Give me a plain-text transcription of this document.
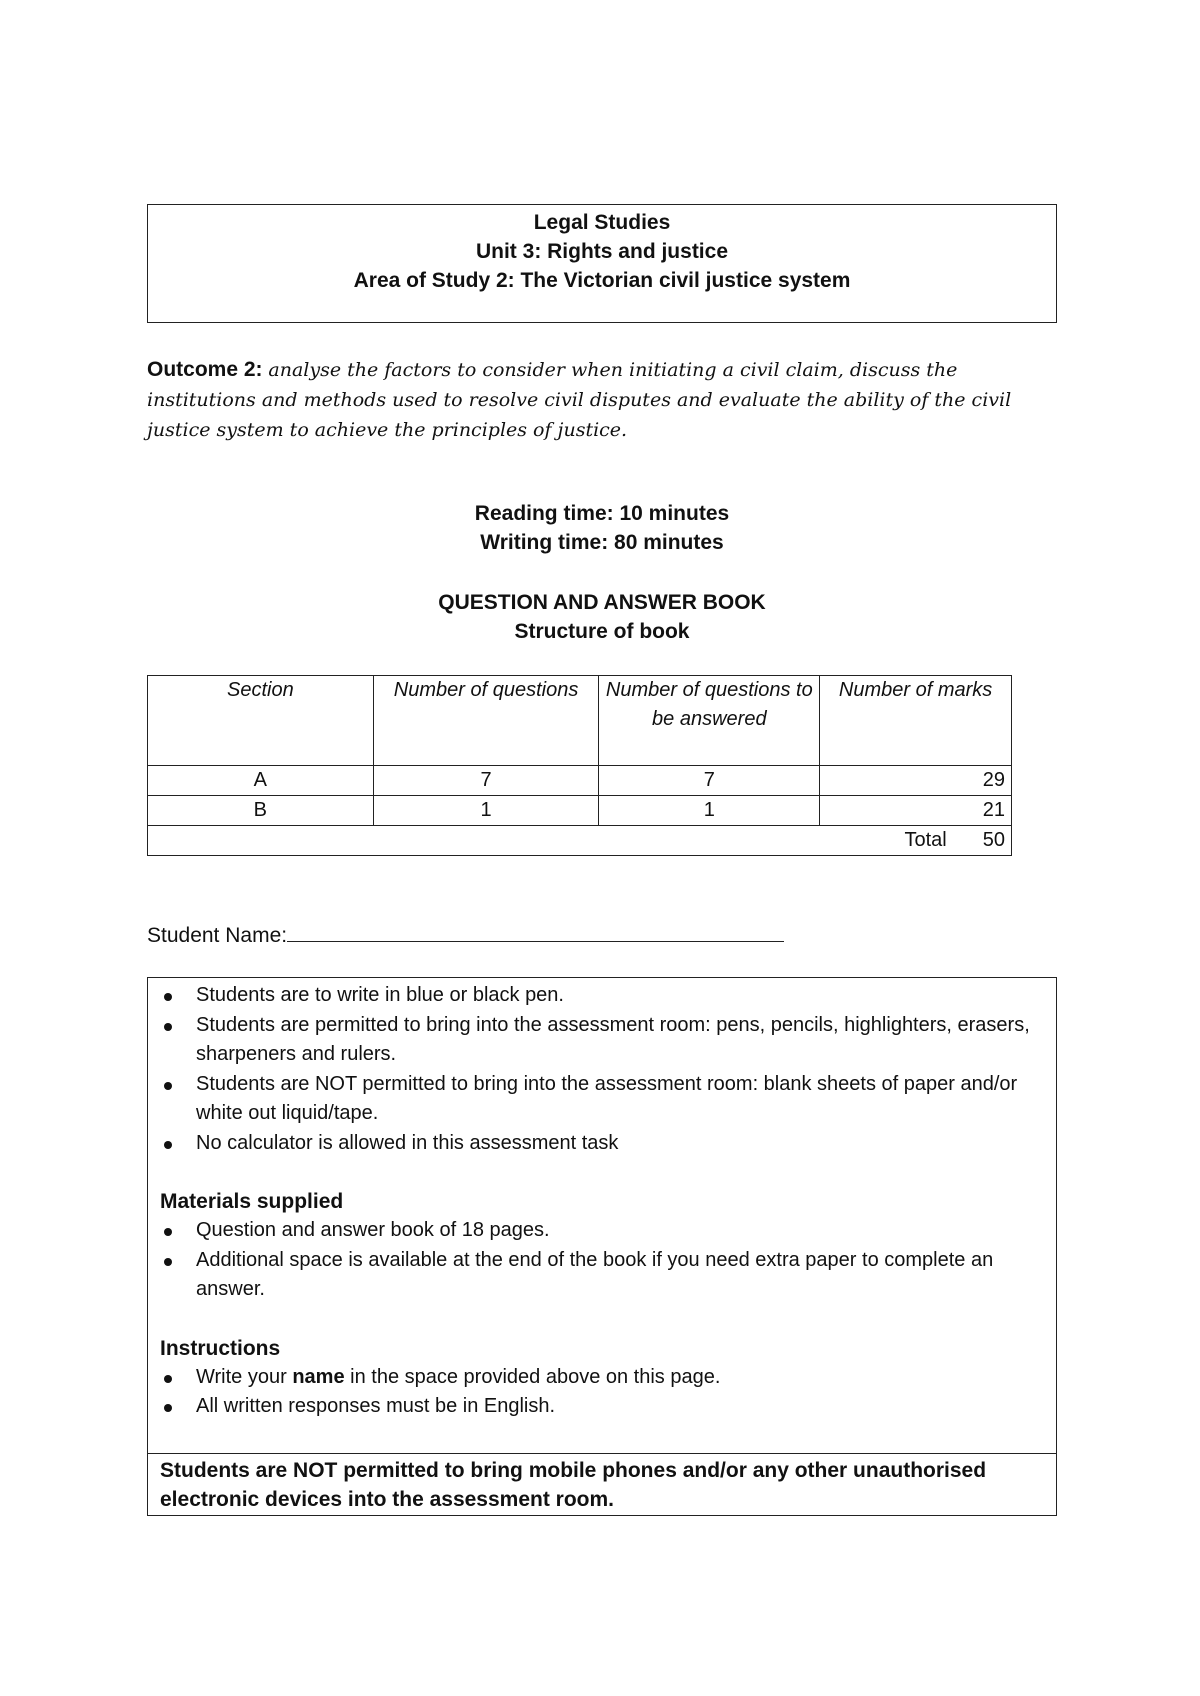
Legal Studies
Unit 3: Rights and justice
Area of Study 2: The Victorian civil justice system
Outcome 2: analyse the factors to consider when initiating a civil claim, discuss the institutions and methods used to resolve civil disputes and evaluate the ability of the civil justice system to achieve the principles of justice.
Reading time: 10 minutes
Writing time: 80 minutes
QUESTION AND ANSWER BOOK
Structure of book
Section	Number of questions	Number of questions to be answered	Number of marks
A	7	7	29
B	1	1	21
			Total 50
Student Name:
Students are to write in blue or black pen.
Students are permitted to bring into the assessment room: pens, pencils, highlighters, erasers, sharpeners and rulers.
Students are NOT permitted to bring into the assessment room: blank sheets of paper and/or white out liquid/tape.
No calculator is allowed in this assessment task
Materials supplied
Question and answer book of 18 pages.
Additional space is available at the end of the book if you need extra paper to complete an answer.
Instructions
Write your name in the space provided above on this page.
All written responses must be in English.
Students are NOT permitted to bring mobile phones and/or any other unauthorised electronic devices into the assessment room.
